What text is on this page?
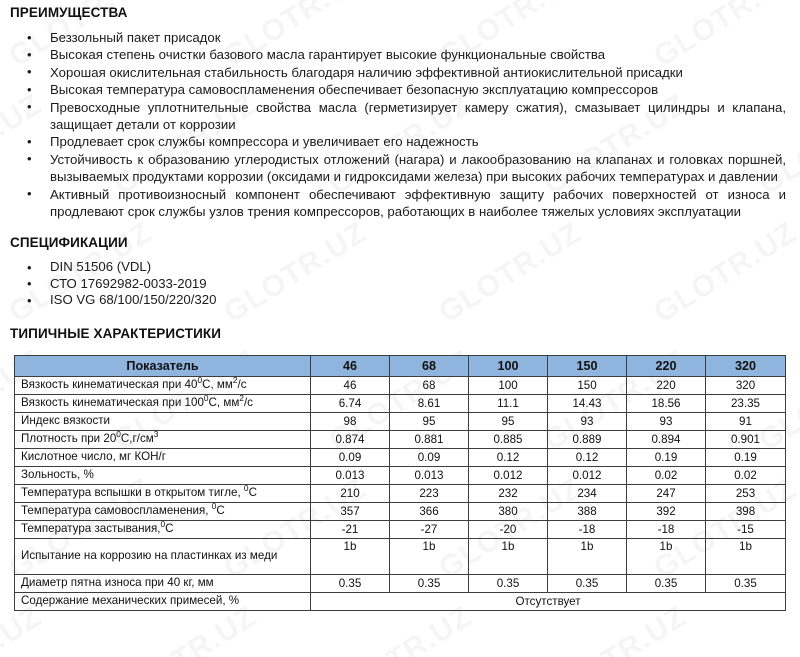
ПРЕИМУЩЕСТВА
• Беззольный пакет присадок
• Высокая степень очистки базового масла гарантирует высокие функциональные свойства
• Хорошая окислительная стабильность благодаря наличию эффективной антиокислительной присадки
• Высокая температура самовоспламенения обеспечивает безопасную эксплуатацию компрессоров
• Превосходные уплотнительные свойства масла (герметизирует камеру сжатия), смазывает цилиндры и клапана, защищает детали от коррозии
• Продлевает срок службы компрессора и увеличивает его надежность
• Устойчивость к образованию углеродистых отложений (нагара) и лакообразованию на клапанах и головках поршней, вызываемых продуктами коррозии (оксидами и гидроксидами железа) при высоких рабочих температурах и давлении
• Активный противоизносный компонент обеспечивают эффективную защиту рабочих поверхностей от износа и продлевают срок службы узлов трения компрессоров, работающих в наиболее тяжелых условиях эксплуатации
СПЕЦИФИКАЦИИ
• DIN 51506 (VDL)
• СТО 17692982-0033-2019
• ISO VG 68/100/150/220/320
ТИПИЧНЫЕ ХАРАКТЕРИСТИКИ
Показатель	46	68	100	150	220	320
Вязкость кинематическая при $40^0С$, $мм^2/с$	46	68	100	150	220	320
Вязкость кинематическая при $100^0С$, $мм^2/с$	6.74	8.61	11.1	14.43	18.56	23.35
Индекс вязкости	98	95	95	93	93	91
Плотность при $20^0С,г/см^3$	0.874	0.881	0.885	0.889	0.894	0.901
Кислотное число, мг КОН/г	0.09	0.09	0.12	0.12	0.19	0.19
Зольность, %	0.013	0.013	0.012	0.012	0.02	0.02
Температура вспышки в открытом тигле, $^0$С	210	223	232	234	247	253
Температура самовоспламенения, $^0$С	357	366	380	388	392	398
Температура застывания,$^0$С	-21	-27	-20	-18	-18	-15
Испытание на коррозию на пластинках из меди	1b	1b	1b	1b	1b	1b
Диаметр пятна износа при 40 кг, мм	0.35	0.35	0.35	0.35	0.35	0.35
Содержание механических примесей, %	Отсутствует					
